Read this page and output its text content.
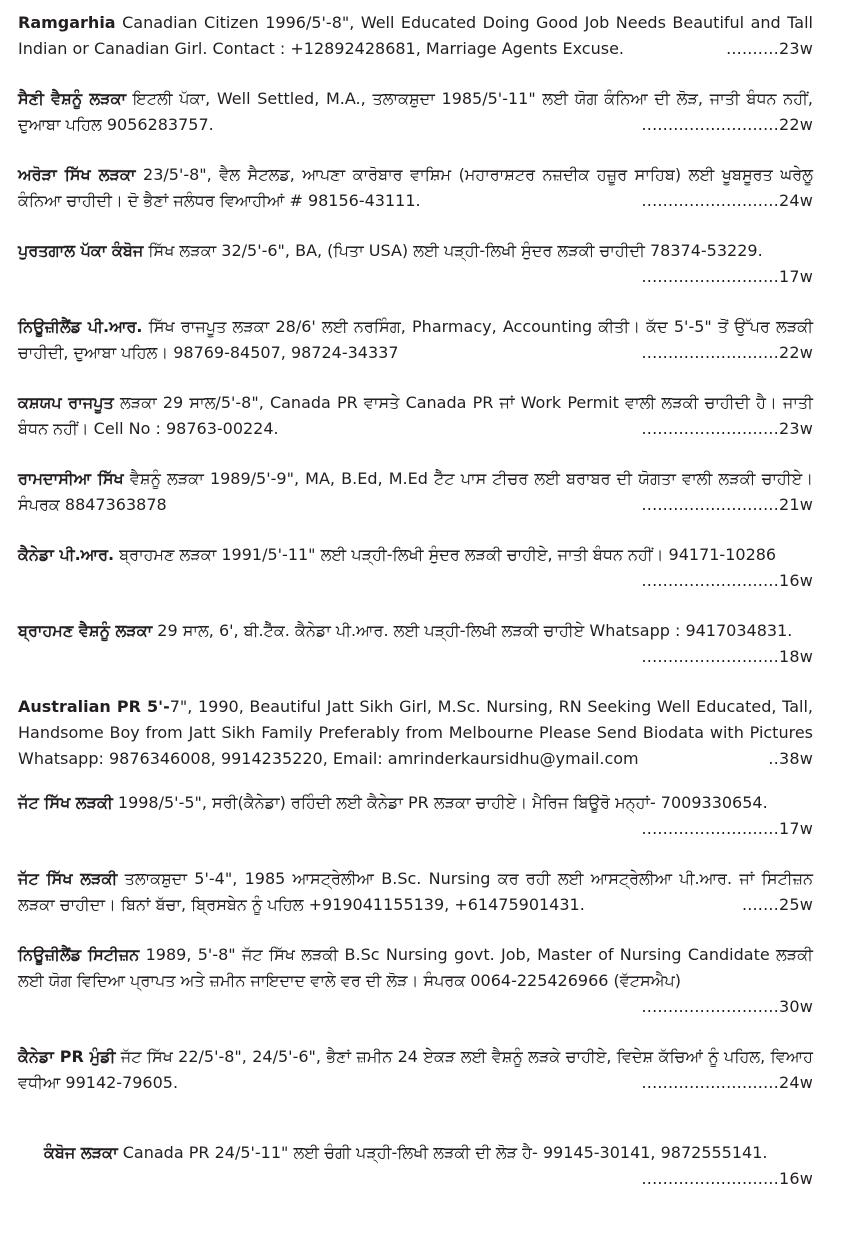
Ramgarhia Canadian Citizen 1996/5'-8", Well Educated Doing Good Job Needs Beautiful and Tall Indian or Canadian Girl. Contact : +12892428681, Marriage Agents Excuse.	..........23w
ਸੈਣੀ ਵੈਸ਼ਨੂੰ ਲੜਕਾ ਇਟਲੀ ਪੱਕਾ, Well Settled, M.A., ਤਲਾਕਸ਼ੁਦਾ 1985/5'-11" ਲਈ ਯੋਗ ਕੰਨਿਆ ਦੀ ਲੋੜ, ਜਾਤੀ ਬੰਧਨ ਨਹੀਂ, ਦੁਆਬਾ ਪਹਿਲ 9056283757.	..........................22w
ਅਰੋੜਾ ਸਿੱਖ ਲੜਕਾ 23/5'-8", ਵੈਲ ਸੈਟਲਡ, ਆਪਣਾ ਕਾਰੋਬਾਰ ਵਾਸ਼ਿਮ (ਮਹਾਰਾਸ਼ਟਰ ਨਜ਼ਦੀਕ ਹਜ਼ੂਰ ਸਾਹਿਬ) ਲਈ ਖੂਬਸੂਰਤ ਘਰੇਲੂ ਕੰਨਿਆ ਚਾਹੀਦੀ। ਦੋ ਭੈਣਾਂ ਜਲੰਧਰ ਵਿਆਹੀਆਂ # 98156-43111.	..........................24w
ਪੁਰਤਗਾਲ ਪੱਕਾ ਕੰਬੋਜ ਸਿੱਖ ਲੜਕਾ 32/5'-6", BA, (ਪਿਤਾ USA) ਲਈ ਪੜ੍ਹੀ-ਲਿਖੀ ਸੁੰਦਰ ਲੜਕੀ ਚਾਹੀਦੀ 78374-53229.
..........................17w
ਨਿਊਜ਼ੀਲੈਂਡ ਪੀ.ਆਰ. ਸਿੱਖ ਰਾਜਪੂਤ ਲੜਕਾ 28/6' ਲਈ ਨਰਸਿੰਗ, Pharmacy, Accounting ਕੀਤੀ। ਕੱਦ 5'-5" ਤੋਂ ਉੱਪਰ ਲੜਕੀ ਚਾਹੀਦੀ, ਦੁਆਬਾ ਪਹਿਲ। 98769-84507, 98724-34337	..........................22w
ਕਸ਼ਯਪ ਰਾਜਪੂਤ ਲੜਕਾ 29 ਸਾਲ/5'-8", Canada PR ਵਾਸਤੇ Canada PR ਜਾਂ Work Permit ਵਾਲੀ ਲੜਕੀ ਚਾਹੀਦੀ ਹੈ। ਜਾਤੀ ਬੰਧਨ ਨਹੀਂ। Cell No : 98763-00224.	..........................23w
ਰਾਮਦਾਸੀਆ ਸਿੱਖ ਵੈਸ਼ਨੂੰ ਲੜਕਾ 1989/5'-9", MA, B.Ed, M.Ed ਟੈੱਟ ਪਾਸ ਟੀਚਰ ਲਈ ਬਰਾਬਰ ਦੀ ਯੋਗਤਾ ਵਾਲੀ ਲੜਕੀ ਚਾਹੀਏ। ਸੰਪਰਕ 8847363878	..........................21w
ਕੈਨੇਡਾ ਪੀ.ਆਰ. ਬ੍ਰਾਹਮਣ ਲੜਕਾ 1991/5'-11" ਲਈ ਪੜ੍ਹੀ-ਲਿਖੀ ਸੁੰਦਰ ਲੜਕੀ ਚਾਹੀਏ, ਜਾਤੀ ਬੰਧਨ ਨਹੀਂ। 94171-10286
..........................16w
ਬ੍ਰਾਹਮਣ ਵੈਸ਼ਨੂੰ ਲੜਕਾ 29 ਸਾਲ, 6', ਬੀ.ਟੈੱਕ. ਕੈਨੇਡਾ ਪੀ.ਆਰ. ਲਈ ਪੜ੍ਹੀ-ਲਿਖੀ ਲੜਕੀ ਚਾਹੀਏ Whatsapp : 9417034831.
..........................18w
Australian PR 5'-7", 1990, Beautiful Jatt Sikh Girl, M.Sc. Nursing, RN Seeking Well Educated, Tall, Handsome Boy from Jatt Sikh Family Preferably from Melbourne Please Send Biodata with Pictures Whatsapp: 9876346008, 9914235220, Email: amrinderkaursidhu@ymail.com	..38w
ਜੱਟ ਸਿੱਖ ਲੜਕੀ 1998/5'-5", ਸਰੀ(ਕੈਨੇਡਾ) ਰਹਿੰਦੀ ਲਈ ਕੈਨੇਡਾ PR ਲੜਕਾ ਚਾਹੀਏ। ਮੈਰਿਜ ਬਿਊਰੋ ਮਨ੍ਹਾਂ- 7009330654.
..........................17w
ਜੱਟ ਸਿੱਖ ਲੜਕੀ ਤਲਾਕਸ਼ੁਦਾ 5'-4", 1985 ਆਸਟ੍ਰੇਲੀਆ B.Sc. Nursing ਕਰ ਰਹੀ ਲਈ ਆਸਟ੍ਰੇਲੀਆ ਪੀ.ਆਰ. ਜਾਂ ਸਿਟੀਜ਼ਨ ਲੜਕਾ ਚਾਹੀਦਾ। ਬਿਨਾਂ ਬੱਚਾ, ਬ੍ਰਿਸਬੇਨ ਨੂੰ ਪਹਿਲ +919041155139, +61475901431.	.......25w
ਨਿਊਜ਼ੀਲੈਂਡ ਸਿਟੀਜ਼ਨ 1989, 5'-8" ਜੱਟ ਸਿੱਖ ਲੜਕੀ B.Sc Nursing govt. Job, Master of Nursing Candidate ਲੜਕੀ ਲਈ ਯੋਗ ਵਿਦਿਆ ਪ੍ਰਾਪਤ ਅਤੇ ਜ਼ਮੀਨ ਜਾਇਦਾਦ ਵਾਲੇ ਵਰ ਦੀ ਲੋੜ। ਸੰਪਰਕ 0064-225426966 (ਵੱਟਸਐਪ)
..........................30w
ਕੈਨੇਡਾ PR ਮੁੰਡੀ ਜੱਟ ਸਿੱਖ 22/5'-8", 24/5'-6", ਭੈਣਾਂ ਜ਼ਮੀਨ 24 ਏਕੜ ਲਈ ਵੈਸ਼ਨੂੰ ਲੜਕੇ ਚਾਹੀਏ, ਵਿਦੇਸ਼ ਕੱਚਿਆਂ ਨੂੰ ਪਹਿਲ, ਵਿਆਹ ਵਧੀਆ 99142-79605.	..........................24w
ਕੰਬੋਜ ਲੜਕਾ Canada PR 24/5'-11" ਲਈ ਚੰਗੀ ਪੜ੍ਹੀ-ਲਿਖੀ ਲੜਕੀ ਦੀ ਲੋੜ ਹੈ- 99145-30141, 9872555141.
..........................16w
